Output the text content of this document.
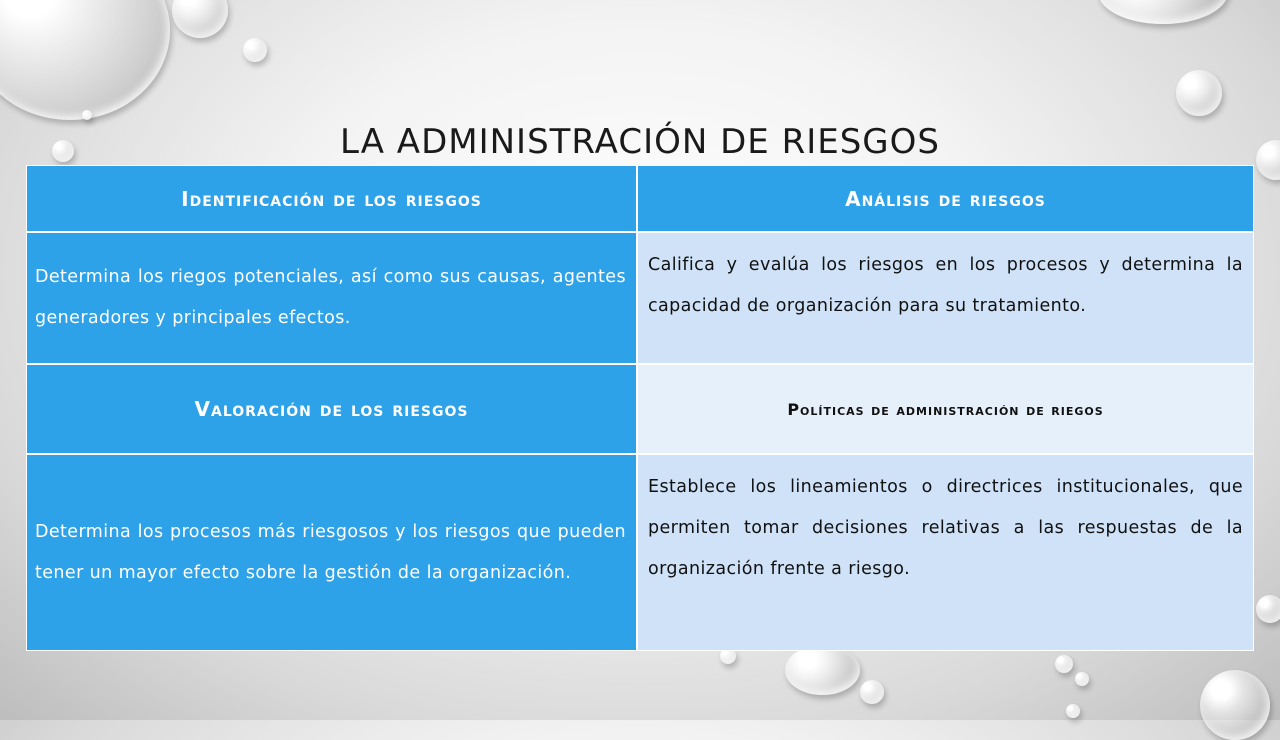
LA ADMINISTRACIÓN DE RIESGOS
Identificación de los riesgos	Análisis de riesgos
Determina los riegos potenciales, así como sus causas, agentes generadores y principales efectos.
Califica y evalúa los riesgos en los procesos y determina la capacidad de organización para su tratamiento.
Valoración de los riesgos	Políticas de administración de riegos
Determina los procesos más riesgosos y los riesgos que pueden tener un mayor efecto sobre la gestión de la organización.
Establece los lineamientos o directrices institucionales, que permiten tomar decisiones relativas a las respuestas de la organización frente a riesgo.
